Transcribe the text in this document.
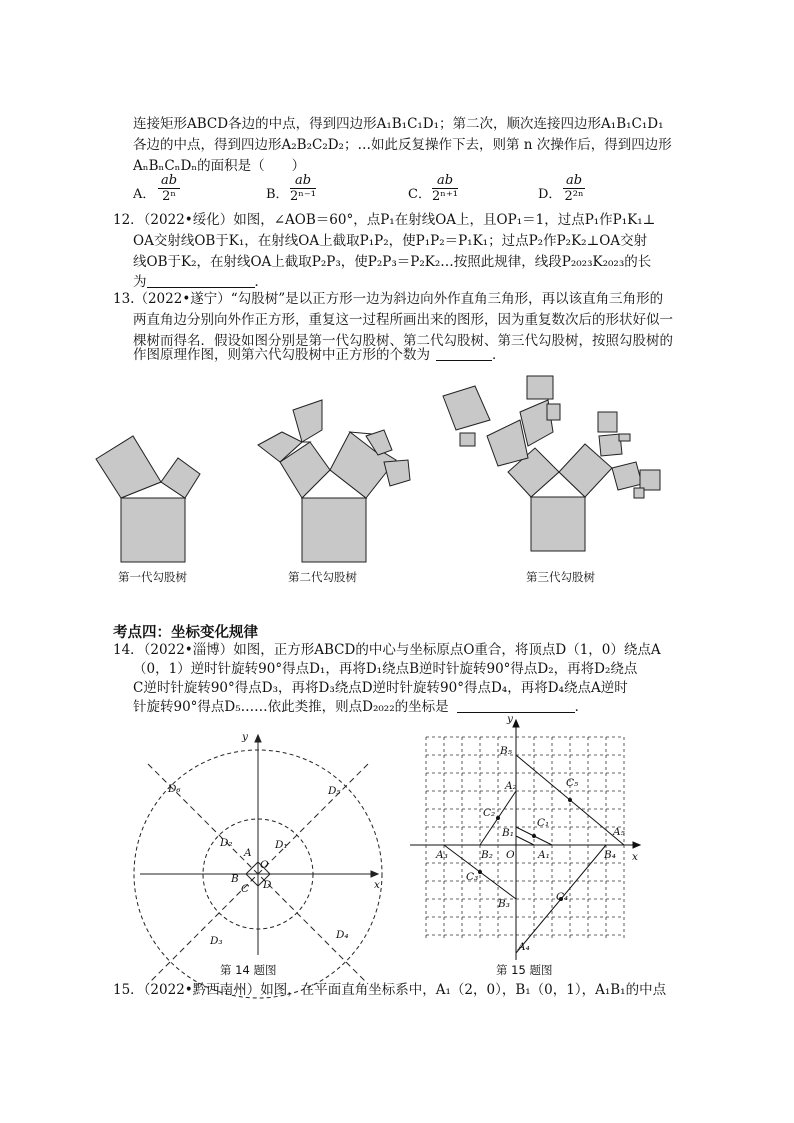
连接矩形ABCD各边的中点，得到四边形A₁B₁C₁D₁；第二次，顺次连接四边形A₁B₁C₁D₁
各边的中点，得到四边形A₂B₂C₂D₂；…如此反复操作下去，则第 n 次操作后，得到四边形
AₙBₙCₙDₙ的面积是（　　）
A． $\frac{ab}{\text{2ⁿ}}$	B． $\frac{ab}{\text{2ⁿ⁻¹}}$	C． $\frac{ab}{\text{2ⁿ⁺¹}}$	D． $\frac{ab}{\text{2²ⁿ}}$
12．（2022•绥化）如图，∠AOB＝60°，点P₁在射线OA上，且OP₁＝1，过点P₁作P₁K₁⊥
OA交射线OB于K₁，在射线OA上截取P₁P₂，使P₁P₂＝P₁K₁；过点P₂作P₂K₂⊥OA交射
线OB于K₂，在射线OA上截取P₂P₃，使P₂P₃＝P₂K₂…按照此规律，线段P₂₀₂₃K₂₀₂₃的长
为	．
13.（2022•遂宁）“勾股树”是以正方形一边为斜边向外作直角三角形，再以该直角三角形的
两直角边分别向外作正方形，重复这一过程所画出来的图形，因为重复数次后的形状好似一
棵树而得名．假设如图分别是第一代勾股树、第二代勾股树、第三代勾股树，按照勾股树的
作图原理作图，则第六代勾股树中正方形的个数为	．
第一代勾股树	第二代勾股树	第三代勾股树
考点四：坐标变化规律
14．（2022•淄博）如图，正方形ABCD的中心与坐标原点O重合，将顶点D（1，0）绕点A
（0，1）逆时针旋转90°得点D₁，再将D₁绕点B逆时针旋转90°得点D₂，再将D₂绕点
C逆时针旋转90°得点D₃，再将D₃绕点D逆时针旋转90°得点D₄，再将D₄绕点A逆时
针旋转90°得点D₅……依此类推，则点D₂₀₂₂的坐标是	．
y
x
O
A
B
C D
D₁
D₂
D₃	D₄
D₅
D₆
第 14 题图
y
x
O A₁
A₂
A₃
A₄
A₅
B₁
B₂
B₃
B₄
B₅
C₁
C₂
C₃
C₄
C₅
第 15 题图
15．（2022•黔西南州）如图，在平面直角坐标系中，A₁（2，0），B₁（0，1），A₁B₁的中点
